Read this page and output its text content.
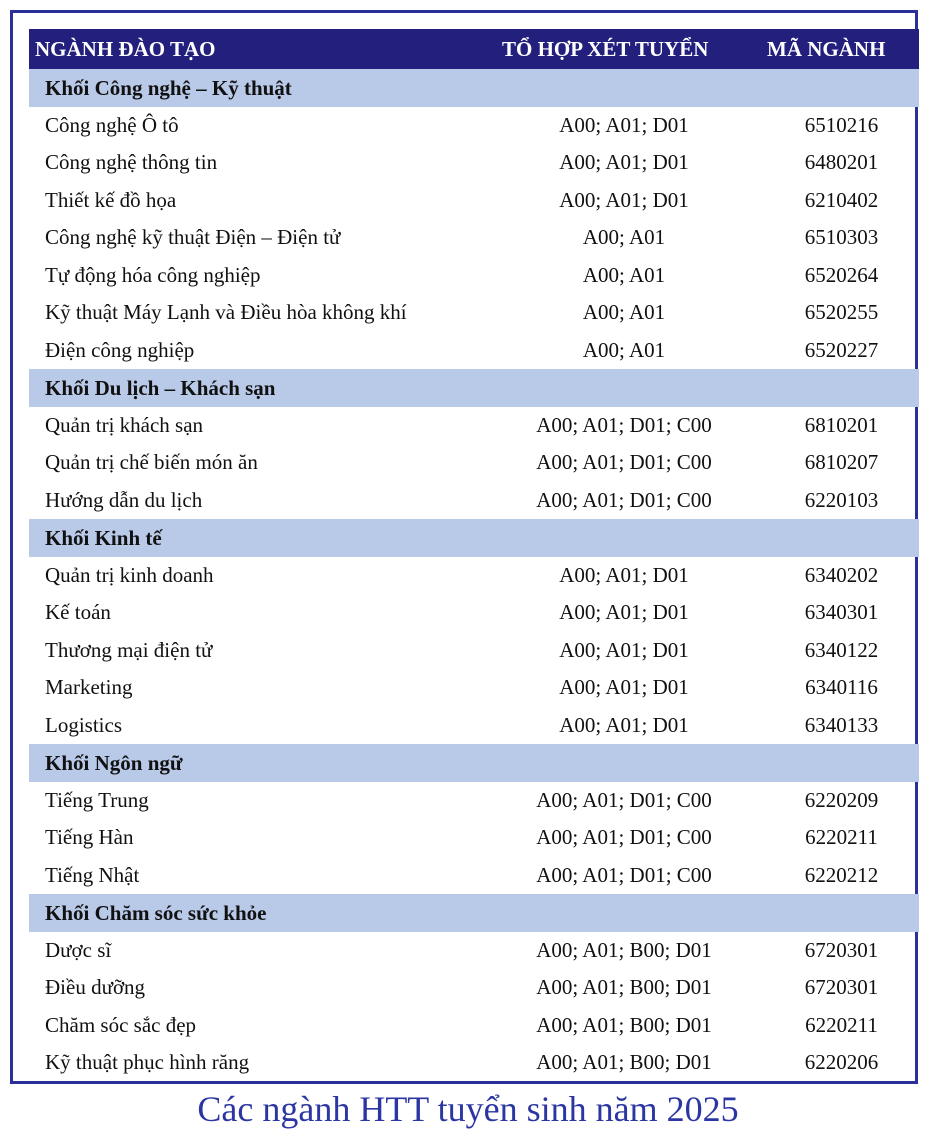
NGÀNH ĐÀO TẠO	TỔ HỢP XÉT TUYỂN	MÃ NGÀNH
Khối Công nghệ – Kỹ thuật
Công nghệ Ô tô	A00; A01; D01	6510216
Công nghệ thông tin	A00; A01; D01	6480201
Thiết kế đồ họa	A00; A01; D01	6210402
Công nghệ kỹ thuật Điện – Điện tử	A00; A01	6510303
Tự động hóa công nghiệp	A00; A01	6520264
Kỹ thuật Máy Lạnh và Điều hòa không khí	A00; A01	6520255
Điện công nghiệp	A00; A01	6520227
Khối Du lịch – Khách sạn
Quản trị khách sạn	A00; A01; D01; C00	6810201
Quản trị chế biến món ăn	A00; A01; D01; C00	6810207
Hướng dẫn du lịch	A00; A01; D01; C00	6220103
Khối Kinh tế
Quản trị kinh doanh	A00; A01; D01	6340202
Kế toán	A00; A01; D01	6340301
Thương mại điện tử	A00; A01; D01	6340122
Marketing	A00; A01; D01	6340116
Logistics	A00; A01; D01	6340133
Khối Ngôn ngữ
Tiếng Trung	A00; A01; D01; C00	6220209
Tiếng Hàn	A00; A01; D01; C00	6220211
Tiếng Nhật	A00; A01; D01; C00	6220212
Khối Chăm sóc sức khỏe
Dược sĩ	A00; A01; B00; D01	6720301
Điều dưỡng	A00; A01; B00; D01	6720301
Chăm sóc sắc đẹp	A00; A01; B00; D01	6220211
Kỹ thuật phục hình răng	A00; A01; B00; D01	6220206
Các ngành HTT tuyển sinh năm 2025
